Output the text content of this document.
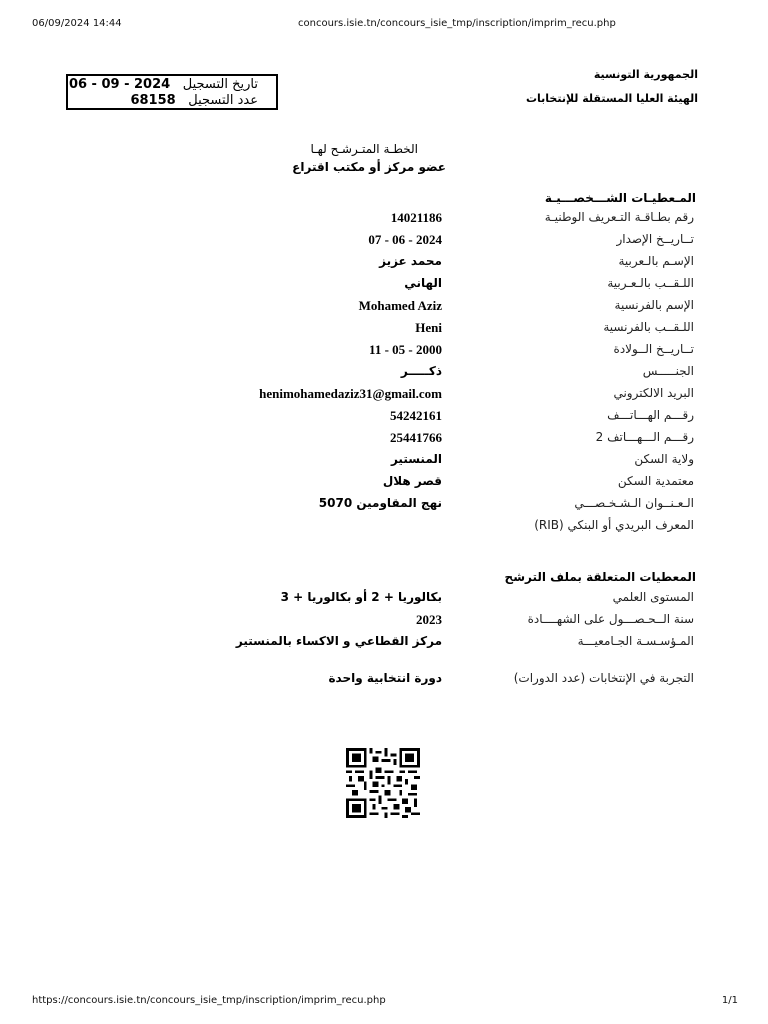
06/09/2024 14:44	concours.isie.tn/concours_isie_tmp/inscription/imprim_recu.php
تاريخ التسجيل 06 - 09 - 2024
عدد التسجيل 68158
الجمهورية التونسية
الهيئة العليا المستقلة للإنتخابات
الخطـة المتـرشـح لهـا
عضو مركز أو مكتب اقتراع
المـعطيـات الشـــخصـــيـة
رقم بطـاقـة التـعريف الوطنيـة
14021186
تــاريــخ الإصدار
07 - 06 - 2024
الإسـم بالـعربية
محمد عزيز
اللـقــب بالـعـربية
الهاني
الإسم بالفرنسية
Mohamed Aziz
اللـقــب بالفرنسية
Heni
تــاريــخ الــولادة
11 - 05 - 2000
الجنـــــس
ذكـــــر
البريد الالكتروني
henimohamedaziz31@gmail.com
رقـــم الهـــاتـــف
54242161
رقـــم الـــهـــاتف 2
25441766
ولاية السكن
المنستير
معتمدية السكن
قصر هلال
الـعـنــوان الـشـخـصـــي
نهج المقاومين 5070
المعرف البريدي أو البنكي (RIB)
المعطيات المتعلقة بملف الترشح
المستوى العلمي
بكالوريا + 2 أو بكالوريا + 3
سنة الــحـصـــول على الشهــــادة
2023
المـؤسـسـة الجـامعيـــة
مركز القطاعي و الاكساء بالمنستير
التجربة في الإنتخابات (عدد الدورات)
دورة انتخابية واحدة
https://concours.isie.tn/concours_isie_tmp/inscription/imprim_recu.php	1/1
